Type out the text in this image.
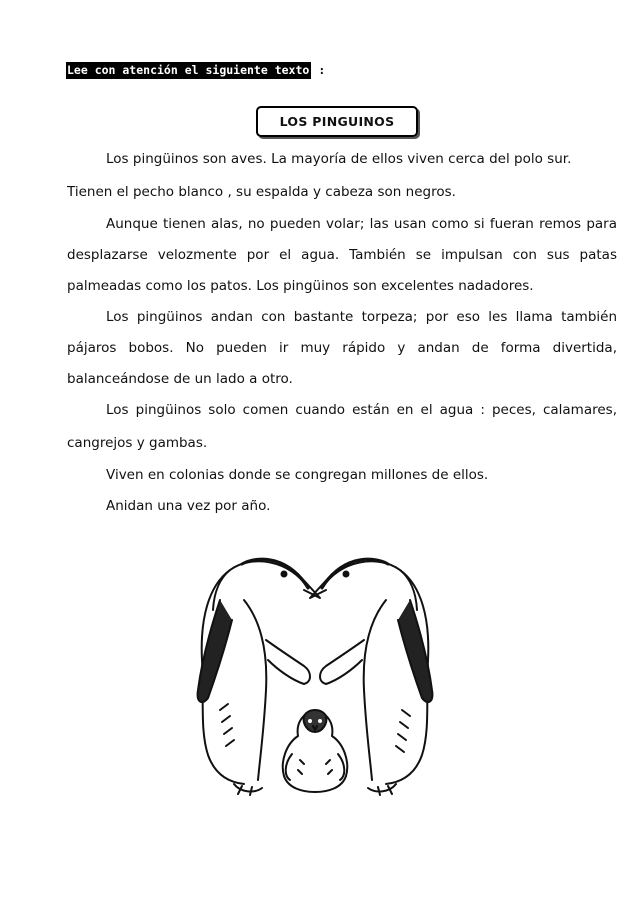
Lee con atención el siguiente texto :
LOS PINGUINOS
Los pingüinos son aves. La mayoría de ellos viven cerca del polo sur.
Tienen el pecho blanco , su espalda y cabeza son negros.
Aunque tienen alas, no pueden volar; las usan como si fueran remos para
desplazarse velozmente por el agua. También se impulsan con sus patas
palmeadas como los patos. Los pingüinos son excelentes nadadores.
Los pingüinos andan con bastante torpeza; por eso les llama también
pájaros bobos. No pueden ir muy rápido y andan de forma divertida,
balanceándose de un lado a otro.
Los pingüinos solo comen cuando están en el agua : peces, calamares,
cangrejos y gambas.
Viven en colonias donde se congregan millones de ellos.
Anidan una vez por año.
